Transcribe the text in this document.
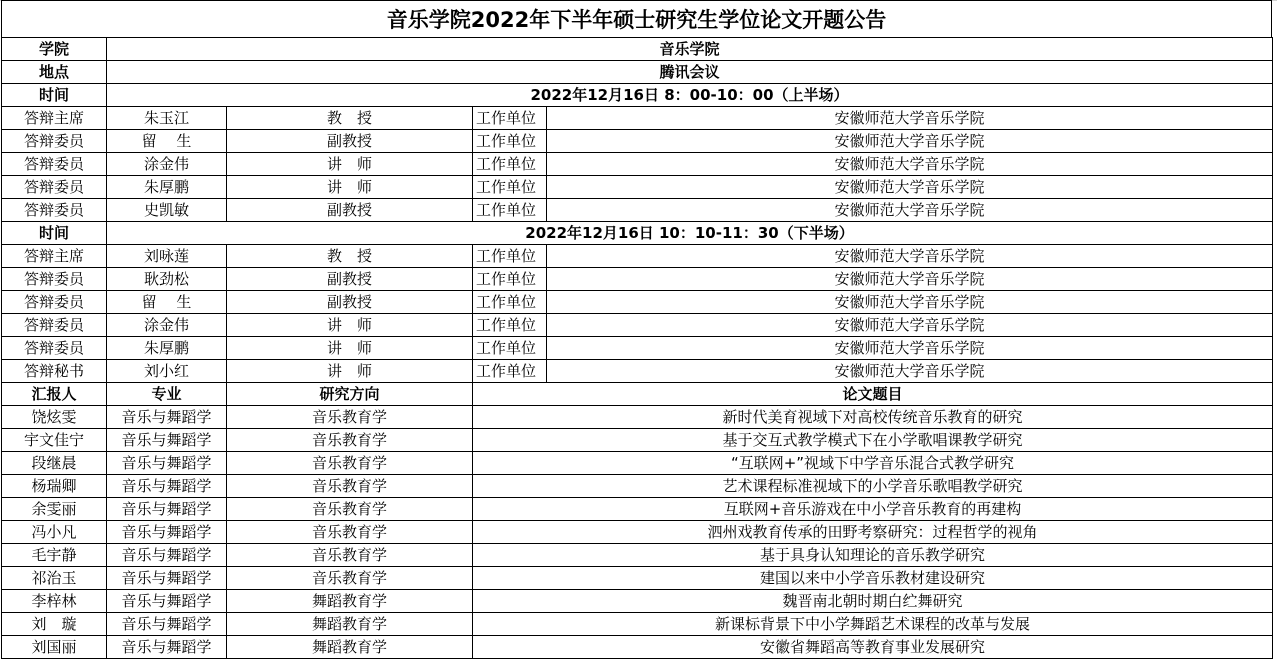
音乐学院2022年下半年硕士研究生学位论文开题公告
学院	音乐学院			
地点	腾讯会议			
时间	2022年12月16日 8：00-10：00（上半场）			
答辩主席	朱玉江	教　授	工作单位	安徽师范大学音乐学院
答辩委员	留　 生	副教授	工作单位	安徽师范大学音乐学院
答辩委员	涂金伟	讲　师	工作单位	安徽师范大学音乐学院
答辩委员	朱厚鹏	讲　师	工作单位	安徽师范大学音乐学院
答辩委员	史凯敏	副教授	工作单位	安徽师范大学音乐学院
时间	2022年12月16日 10：10-11：30（下半场）			
答辩主席	刘咏莲	教　授	工作单位	安徽师范大学音乐学院
答辩委员	耿劲松	副教授	工作单位	安徽师范大学音乐学院
答辩委员	留　 生	副教授	工作单位	安徽师范大学音乐学院
答辩委员	涂金伟	讲　师	工作单位	安徽师范大学音乐学院
答辩委员	朱厚鹏	讲　师	工作单位	安徽师范大学音乐学院
答辩秘书	刘小红	讲　师	工作单位	安徽师范大学音乐学院
汇报人	专业	研究方向	论文题目	
饶炫雯	音乐与舞蹈学	音乐教育学	新时代美育视域下对高校传统音乐教育的研究	
宇文佳宁	音乐与舞蹈学	音乐教育学	基于交互式教学模式下在小学歌唱课教学研究	
段继晨	音乐与舞蹈学	音乐教育学	“互联网+”视域下中学音乐混合式教学研究	
杨瑞卿	音乐与舞蹈学	音乐教育学	艺术课程标准视域下的小学音乐歌唱教学研究	
余雯丽	音乐与舞蹈学	音乐教育学	互联网+音乐游戏在中小学音乐教育的再建构	
冯小凡	音乐与舞蹈学	音乐教育学	泗州戏教育传承的田野考察研究：过程哲学的视角	
毛宇静	音乐与舞蹈学	音乐教育学	基于具身认知理论的音乐教学研究	
祁治玉	音乐与舞蹈学	音乐教育学	建国以来中小学音乐教材建设研究	
李梓林	音乐与舞蹈学	舞蹈教育学	魏晋南北朝时期白纻舞研究	
刘　璇	音乐与舞蹈学	舞蹈教育学	新课标背景下中小学舞蹈艺术课程的改革与发展	
刘国丽	音乐与舞蹈学	舞蹈教育学	安徽省舞蹈高等教育事业发展研究	
